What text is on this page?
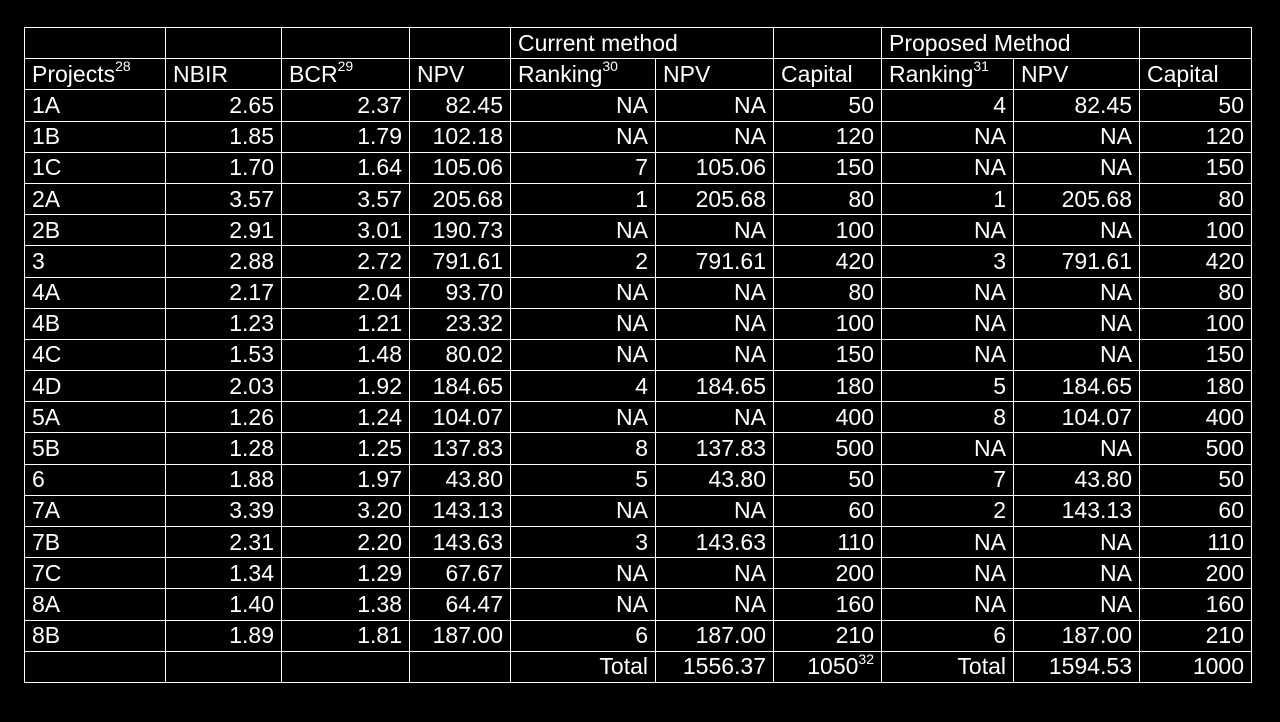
				Current method			Proposed Method		
Projects$^{28}$	NBIR	BCR$^{29}$	NPV	Ranking$^{30}$	NPV	Capital	Ranking$^{31}$	NPV	Capital
1A	2.65	2.37	82.45	NA	NA	50	4	82.45	50
1B	1.85	1.79	102.18	NA	NA	120	NA	NA	120
1C	1.70	1.64	105.06	7	105.06	150	NA	NA	150
2A	3.57	3.57	205.68	1	205.68	80	1	205.68	80
2B	2.91	3.01	190.73	NA	NA	100	NA	NA	100
3	2.88	2.72	791.61	2	791.61	420	3	791.61	420
4A	2.17	2.04	93.70	NA	NA	80	NA	NA	80
4B	1.23	1.21	23.32	NA	NA	100	NA	NA	100
4C	1.53	1.48	80.02	NA	NA	150	NA	NA	150
4D	2.03	1.92	184.65	4	184.65	180	5	184.65	180
5A	1.26	1.24	104.07	NA	NA	400	8	104.07	400
5B	1.28	1.25	137.83	8	137.83	500	NA	NA	500
6	1.88	1.97	43.80	5	43.80	50	7	43.80	50
7A	3.39	3.20	143.13	NA	NA	60	2	143.13	60
7B	2.31	2.20	143.63	3	143.63	110	NA	NA	110
7C	1.34	1.29	67.67	NA	NA	200	NA	NA	200
8A	1.40	1.38	64.47	NA	NA	160	NA	NA	160
8B	1.89	1.81	187.00	6	187.00	210	6	187.00	210
				Total	1556.37	1050$^{32}$	Total	1594.53	1000
